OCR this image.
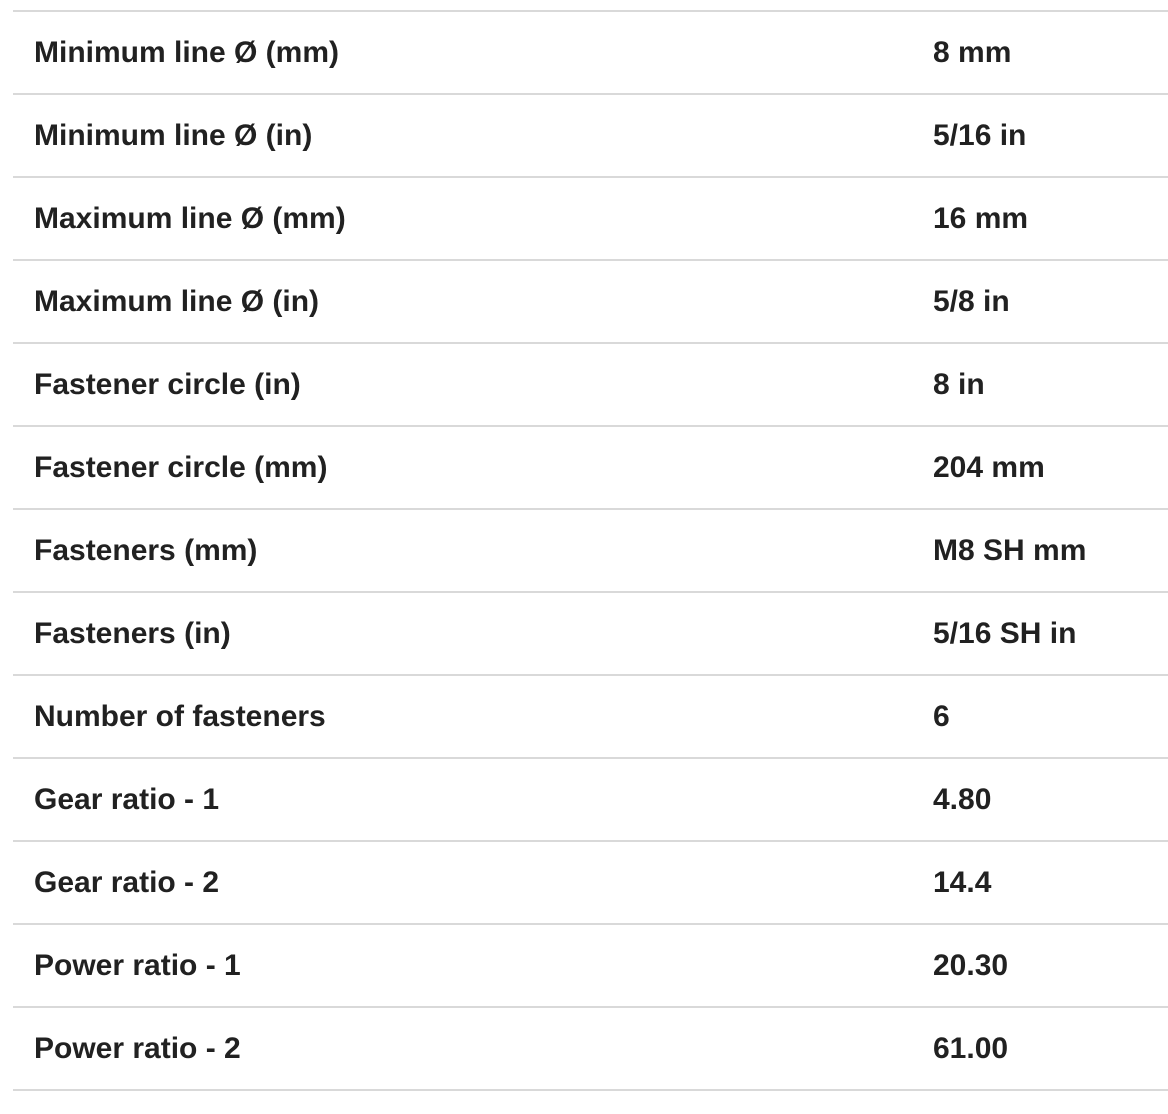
Minimum line Ø (mm)	8 mm
Minimum line Ø (in)	5/16 in
Maximum line Ø (mm)	16 mm
Maximum line Ø (in)	5/8 in
Fastener circle (in)	8 in
Fastener circle (mm)	204 mm
Fasteners (mm)	M8 SH mm
Fasteners (in)	5/16 SH in
Number of fasteners	6
Gear ratio - 1	4.80
Gear ratio - 2	14.4
Power ratio - 1	20.30
Power ratio - 2	61.00
